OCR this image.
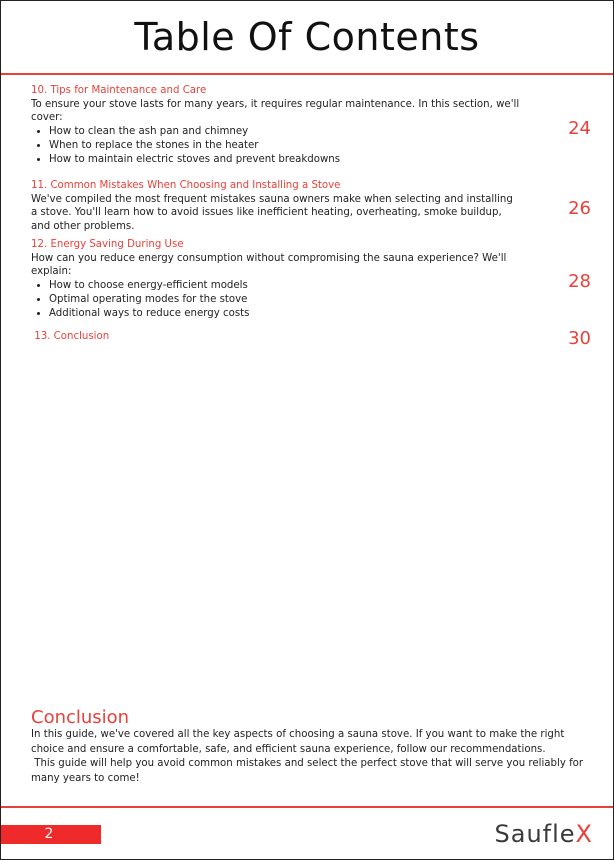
Table Of Contents
10. Tips for Maintenance and Care
To ensure your stove lasts for many years, it requires regular maintenance. In this section, we'll cover:
• How to clean the ash pan and chimney
• When to replace the stones in the heater
• How to maintain electric stoves and prevent breakdowns
24
11. Common Mistakes When Choosing and Installing a Stove
We've compiled the most frequent mistakes sauna owners make when selecting and installing a stove. You'll learn how to avoid issues like inefficient heating, overheating, smoke buildup, and other problems.
26
12. Energy Saving During Use
How can you reduce energy consumption without compromising the sauna experience? We'll explain:
• How to choose energy-efficient models
• Optimal operating modes for the stove
• Additional ways to reduce energy costs
28
13. Conclusion	30
Conclusion
In this guide, we've covered all the key aspects of choosing a sauna stove. If you want to make the right
choice and ensure a comfortable, safe, and efficient sauna experience, follow our recommendations.
This guide will help you avoid common mistakes and select the perfect stove that will serve you reliably for
many years to come!
2	Saufle X
